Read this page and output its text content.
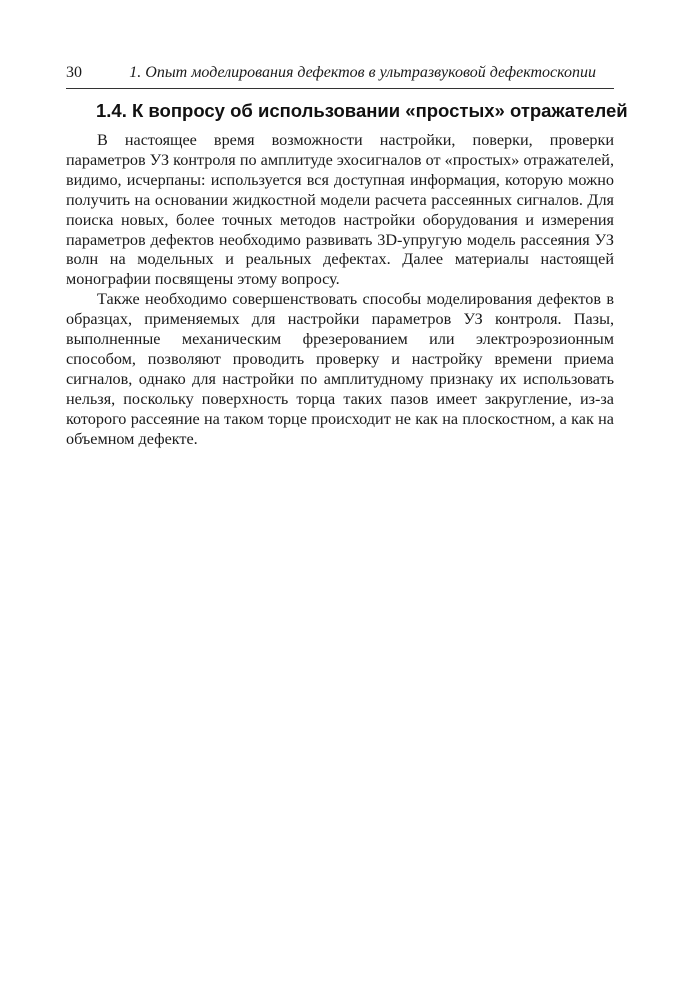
30	1. Опыт моделирования дефектов в ультразвуковой дефектоскопии
1.4. К вопросу об использовании «простых» отражателей

В настоящее время возможности настройки, поверки, проверки параметров УЗ контроля по амплитуде эхосигналов от «простых» отражателей, видимо, исчерпаны: используется вся доступная информация, которую можно получить на основании жидкостной модели расчета рассеянных сигналов. Для поиска новых, более точных методов настройки оборудования и измерения параметров дефектов необходимо развивать 3D-упругую модель рассеяния УЗ волн на модельных и реальных дефектах. Далее материалы настоящей монографии посвящены этому вопросу.

Также необходимо совершенствовать способы моделирования дефектов в образцах, применяемых для настройки параметров УЗ контроля. Пазы, выполненные механическим фрезерованием или электроэрозионным способом, позволяют проводить проверку и настройку времени приема сигналов, однако для настройки по амплитудному признаку их использовать нельзя, поскольку поверхность торца таких пазов имеет закругление, из-за которого рассеяние на таком торце происходит не как на плоскостном, а как на объемном дефекте.
